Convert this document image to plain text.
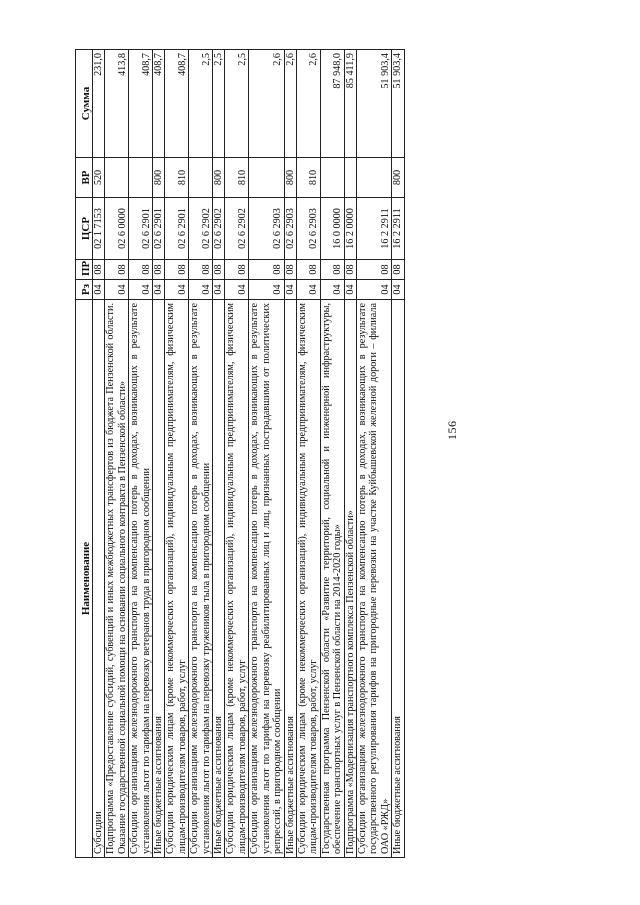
156
Наименование	Рз	ПР	ЦСР	ВР	Сумма
Субсидии	04	08	02 1 7153	520	231,0
Подпрограмма «Предоставление субсидий, субвенций и иных межбюджетных трансфертов из бюджета Пензенской области. Оказание государственной социальной помощи на основании социального контракта в Пензенской области»	04	08	02 6 0000		413,8
Субсидии организациям железнодорожного транспорта на компенсацию потерь в доходах, возникающих в результате установления льгот по тарифам на перевозку ветеранов труда в пригородном сообщении	04	08	02 6 2901		408,7
Иные бюджетные ассигнования	04	08	02 6 2901	800	408,7
Субсидии юридическим лицам (кроме некоммерческих организаций), индивидуальным предпринимателям, физическим лицам-производителям товаров, работ, услуг	04	08	02 6 2901	810	408,7
Субсидии организациям железнодорожного транспорта на компенсацию потерь в доходах, возникающих в результате установления льгот по тарифам на перевозку тружеников тыла в пригородном сообщении	04	08	02 6 2902		2,5
Иные бюджетные ассигнования	04	08	02 6 2902	800	2,5
Субсидии юридическим лицам (кроме некоммерческих организаций), индивидуальным предпринимателям, физическим лицам-производителям товаров, работ, услуг	04	08	02 6 2902	810	2,5
Субсидии организациям железнодорожного транспорта на компенсацию потерь в доходах, возникающих в результате установления льгот по тарифам на перевозку реабилитированных лиц и лиц, признанных пострадавшими от политических репрессий, в пригородном сообщении	04	08	02 6 2903		2,6
Иные бюджетные ассигнования	04	08	02 6 2903	800	2,6
Субсидии юридическим лицам (кроме некоммерческих организаций), индивидуальным предпринимателям, физическим лицам-производителям товаров, работ, услуг	04	08	02 6 2903	810	2,6
Государственная программа Пензенской области «Развитие территорий, социальной и инженерной инфраструктуры, обеспечение транспортных услуг в Пензенской области на 2014-2020 годы»	04	08	16 0 0000		87 948,0
Подпрограмма «Модернизация транспортного комплекса Пензенской области»	04	08	16 2 0000		85 411,9
Субсидии организациям железнодорожного транспорта на компенсацию потерь в доходах, возникающих в результате государственного регулирования тарифов на пригородные перевозки на участке Куйбышевской железной дороги – филиала ОАО «РЖД»	04	08	16 2 2911		51 903,4
Иные бюджетные ассигнования	04	08	16 2 2911	800	51 903,4
